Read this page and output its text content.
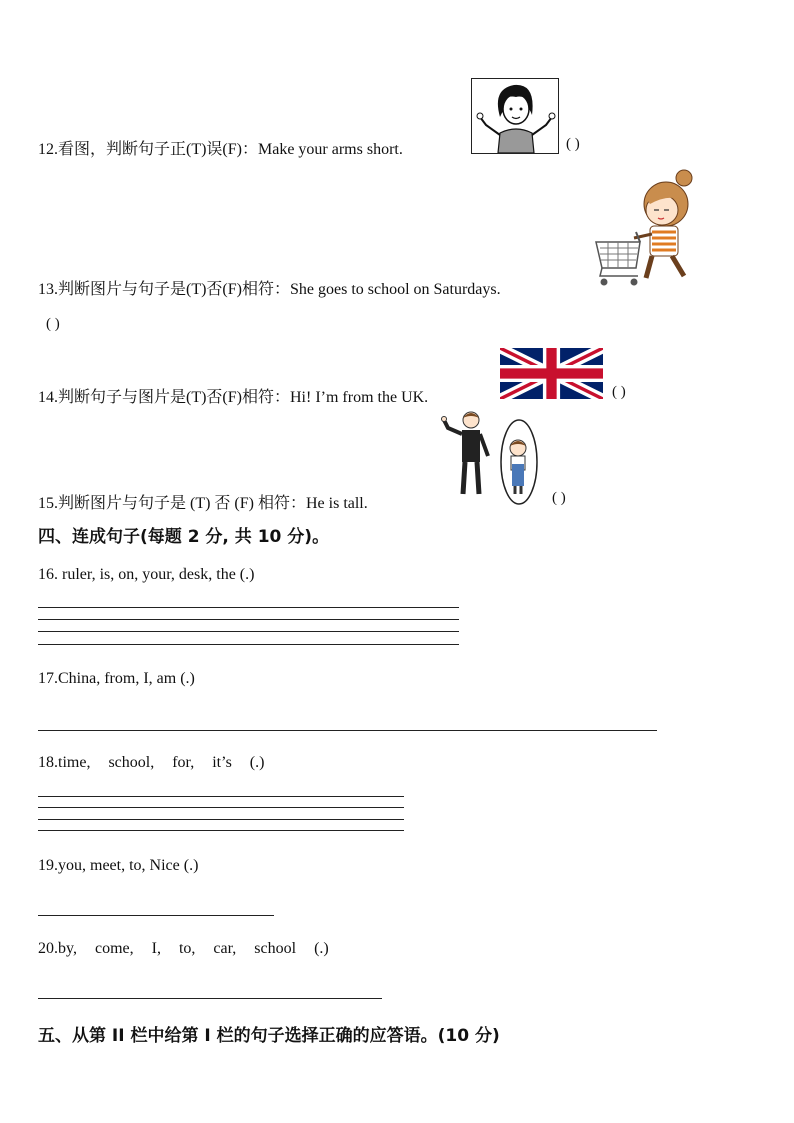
12.看图，判断句子正(T)误(F)：Make your arms short.	( )
13.判断图片与句子是(T)否(F)相符：She goes to school on Saturdays.
( )
14.判断句子与图片是(T)否(F)相符：Hi! I’m from the UK.	( )
15.判断图片与句子是 (T) 否 (F) 相符：He is tall.	( )
四、连成句子(每题 2 分, 共 10 分)。
16. ruler, is, on, your, desk, the (.)
17.China, from, I, am (.)
18.time, school, for, it’s (.)
19.you, meet, to, Nice (.)
20.by, come, I, to, car, school (.)
五、从第 II 栏中给第 I 栏的句子选择正确的应答语。(10 分)
